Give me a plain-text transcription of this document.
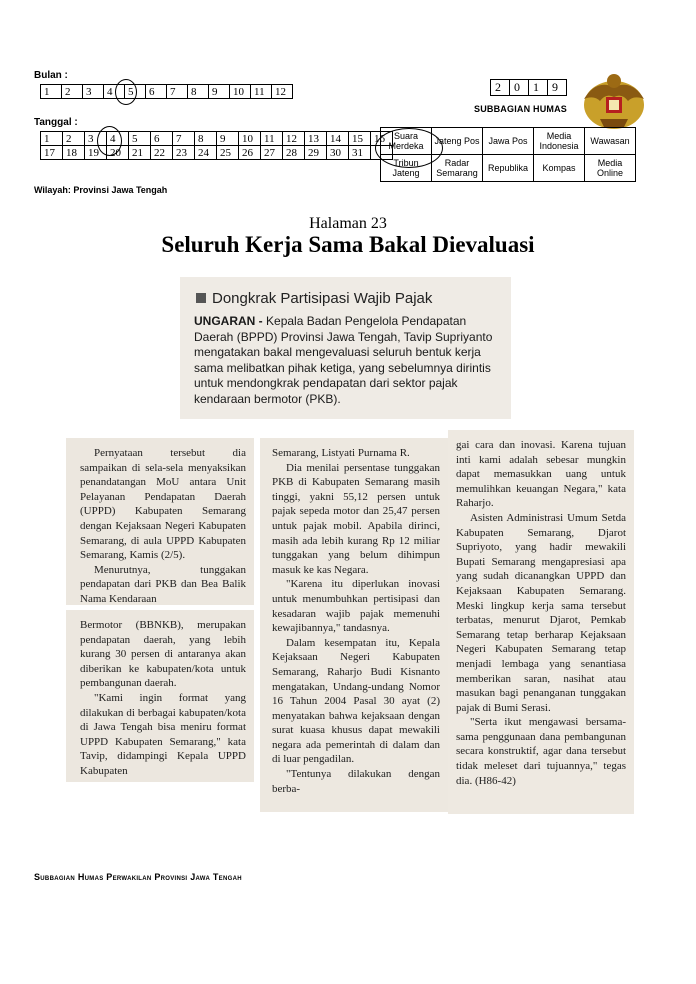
Bulan :
1	2	3	4	5	6	7	8	9	10	11	12	2	0	1	9
SUBBAGIAN HUMAS
Tanggal :
1	2	3	4	5	6	7	8	9	10	11	12	13	14	15	16
17	18	19	20	21	22	23	24	25	26	27	28	29	30	31	
Suara Merdeka	Jateng Pos	Jawa Pos	Media Indonesia	Wawasan
Tribun Jateng	Radar Semarang	Republika	Kompas	Media Online
Wilayah: Provinsi Jawa Tengah
Halaman 23
Seluruh Kerja Sama Bakal Dievaluasi
Dongkrak Partisipasi Wajib Pajak
UNGARAN - Kepala Badan Pengelola Pendapatan Daerah (BPPD) Provinsi Jawa Tengah, Tavip Supriyanto mengatakan bakal mengevaluasi seluruh bentuk kerja sama melibatkan pihak ketiga, yang sebelumnya dirintis untuk mendongkrak pendapatan dari sektor pajak kendaraan bermotor (PKB).

Pernyataan tersebut dia sampaikan di sela-sela menyaksikan penandatangan MoU antara Unit Pelayanan Pendapatan Daerah (UPPD) Kabupaten Semarang dengan Kejaksaan Negeri Kabupaten Semarang, di aula UPPD Kabupaten Semarang, Kamis (2/5).

Menurutnya, tunggakan pendapatan dari PKB dan Bea Balik Nama Kendaraan

Bermotor (BBNKB), merupakan pendapatan daerah, yang lebih kurang 30 persen di antaranya akan diberikan ke kabupaten/kota untuk pembangunan daerah.

"Kami ingin format yang dilakukan di berbagai kabupaten/kota di Jawa Tengah bisa meniru format UPPD Kabupaten Semarang," kata Tavip, didampingi Kepala UPPD Kabupaten

Semarang, Listyati Purnama R.

Dia menilai persentase tunggakan PKB di Kabupaten Semarang masih tinggi, yakni 55,12 persen untuk pajak sepeda motor dan 25,47 persen untuk pajak mobil. Apabila dirinci, masih ada lebih kurang Rp 12 miliar tunggakan yang belum dihimpun masuk ke kas Negara.

"Karena itu diperlukan inovasi untuk menumbuhkan pertisipasi dan kesadaran wajib pajak memenuhi kewajibannya," tandasnya.

Dalam kesempatan itu, Kepala Kejaksaan Negeri Kabupaten Semarang, Raharjo Budi Kisnanto mengatakan, Undang-undang Nomor 16 Tahun 2004 Pasal 30 ayat (2) menyatakan bahwa kejaksaan dengan surat kuasa khusus dapat mewakili negara ada pemerintah di dalam dan di luar pengadilan.

"Tentunya dilakukan dengan berba-

gai cara dan inovasi. Karena tujuan inti kami adalah sebesar mungkin dapat memasukkan uang untuk memulihkan keuangan Negara," kata Raharjo.

Asisten Administrasi Umum Setda Kabupaten Semarang, Djarot Supriyoto, yang hadir mewakili Bupati Semarang mengapresiasi apa yang sudah dicanangkan UPPD dan Kejaksaan Kabupaten Semarang. Meski lingkup kerja sama tersebut terbatas, menurut Djarot, Pemkab Semarang tetap berharap Kejaksaan Negeri Kabupaten Semarang tetap menjadi lembaga yang senantiasa memberikan saran, nasihat atau masukan bagi penanganan tunggakan pajak di Bumi Serasi.

"Serta ikut mengawasi bersama-sama penggunaan dana pembangunan secara konstruktif, agar dana tersebut tidak meleset dari tujuannya," tegas dia. (H86-42)

Subbagian Humas Perwakilan Provinsi Jawa Tengah
